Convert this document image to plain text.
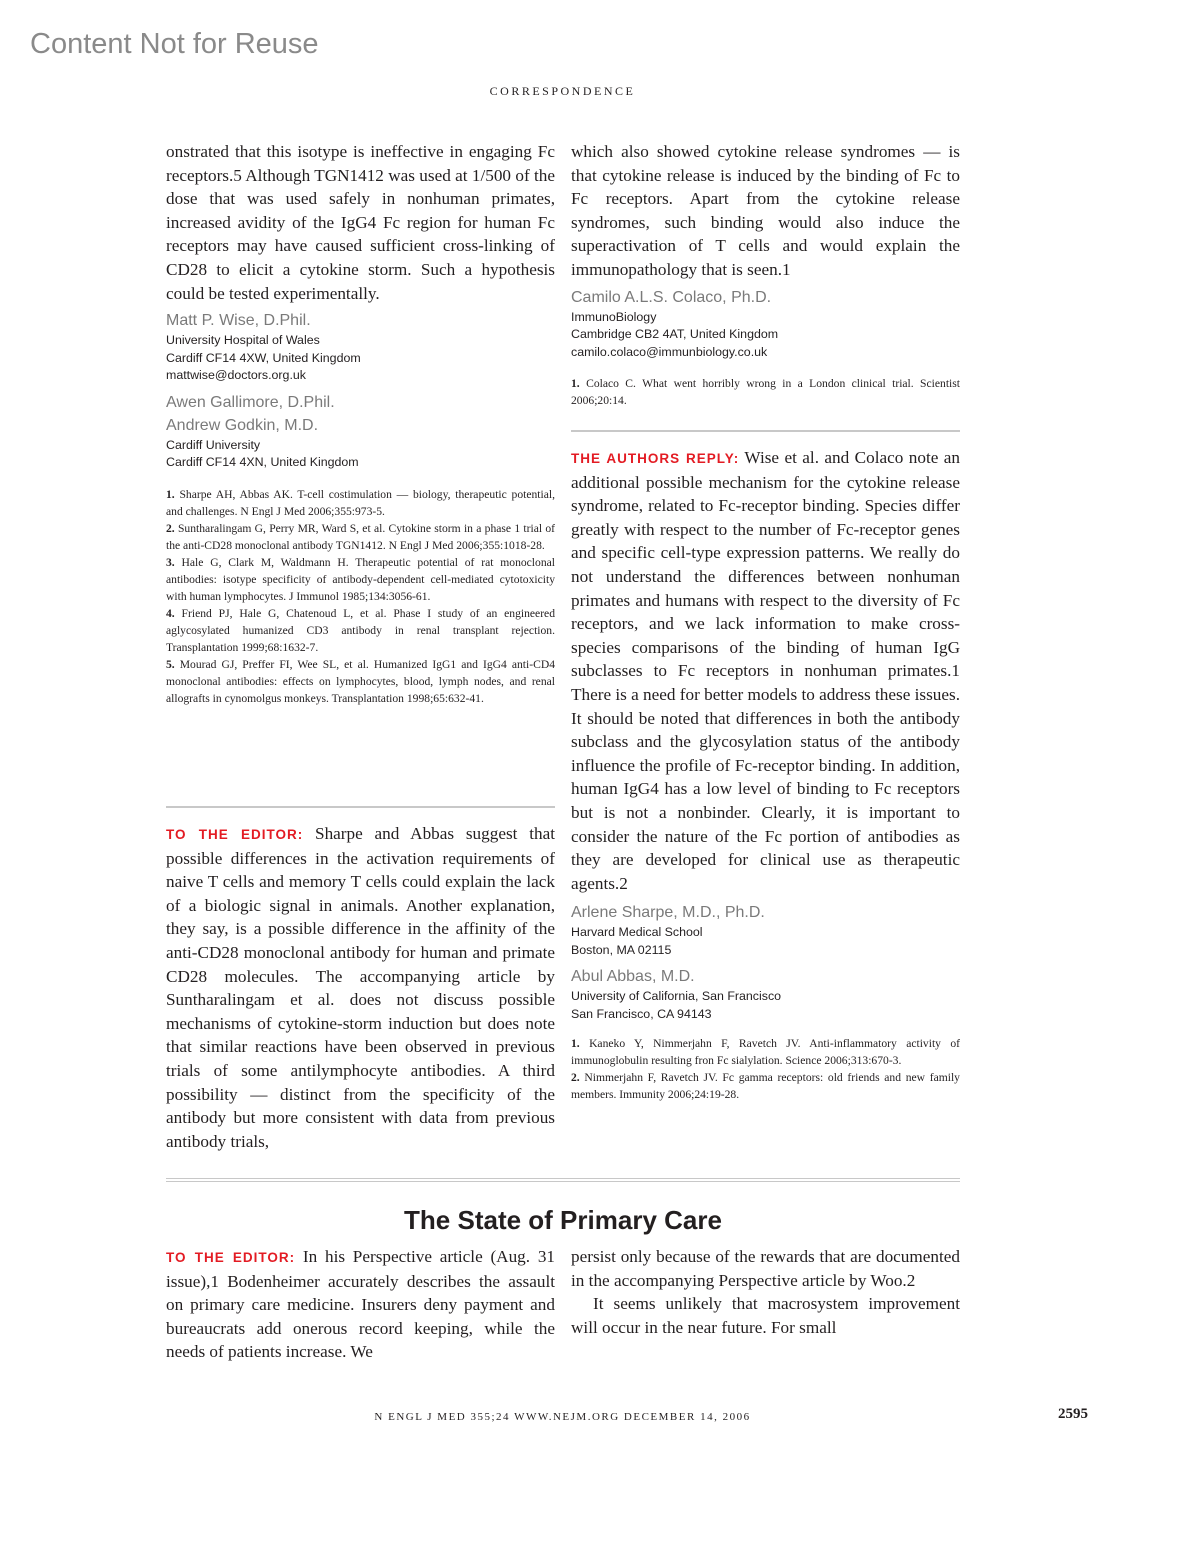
Content Not for Reuse
CORRESPONDENCE

onstrated that this isotype is ineffective in engaging Fc receptors.5 Although TGN1412 was used at 1/500 of the dose that was used safely in nonhuman primates, increased avidity of the IgG4 Fc region for human Fc receptors may have caused sufficient cross-linking of CD28 to elicit a cytokine storm. Such a hypothesis could be tested experimentally.

Matt P. Wise, D.Phil.
University Hospital of Wales
Cardiff CF14 4XW, United Kingdom
mattwise@doctors.org.uk
Awen Gallimore, D.Phil.
Andrew Godkin, M.D.
Cardiff University
Cardiff CF14 4XN, United Kingdom
1. Sharpe AH, Abbas AK. T-cell costimulation — biology, therapeutic potential, and challenges. N Engl J Med 2006;355:973-5.
2. Suntharalingam G, Perry MR, Ward S, et al. Cytokine storm in a phase 1 trial of the anti-CD28 monoclonal antibody TGN1412. N Engl J Med 2006;355:1018-28.
3. Hale G, Clark M, Waldmann H. Therapeutic potential of rat monoclonal antibodies: isotype specificity of antibody-dependent cell-mediated cytotoxicity with human lymphocytes. J Immunol 1985;134:3056-61.
4. Friend PJ, Hale G, Chatenoud L, et al. Phase I study of an engineered aglycosylated humanized CD3 antibody in renal transplant rejection. Transplantation 1999;68:1632-7.
5. Mourad GJ, Preffer FI, Wee SL, et al. Humanized IgG1 and IgG4 anti-CD4 monoclonal antibodies: effects on lymphocytes, blood, lymph nodes, and renal allografts in cynomolgus monkeys. Transplantation 1998;65:632-41.

TO THE EDITOR: Sharpe and Abbas suggest that possible differences in the activation requirements of naive T cells and memory T cells could explain the lack of a biologic signal in animals. Another explanation, they say, is a possible difference in the affinity of the anti-CD28 monoclonal antibody for human and primate CD28 molecules. The accompanying article by Suntharalingam et al. does not discuss possible mechanisms of cytokine-storm induction but does note that similar reactions have been observed in previous trials of some antilymphocyte antibodies. A third possibility — distinct from the specificity of the antibody but more consistent with data from previous antibody trials,

which also showed cytokine release syndromes — is that cytokine release is induced by the binding of Fc to Fc receptors. Apart from the cytokine release syndromes, such binding would also induce the superactivation of T cells and would explain the immunopathology that is seen.1

Camilo A.L.S. Colaco, Ph.D.
ImmunoBiology
Cambridge CB2 4AT, United Kingdom
camilo.colaco@immunbiology.co.uk
1. Colaco C. What went horribly wrong in a London clinical trial. Scientist 2006;20:14.

THE AUTHORS REPLY: Wise et al. and Colaco note an additional possible mechanism for the cytokine release syndrome, related to Fc-receptor binding. Species differ greatly with respect to the number of Fc-receptor genes and specific cell-type expression patterns. We really do not understand the differences between nonhuman primates and humans with respect to the diversity of Fc receptors, and we lack information to make cross-species comparisons of the binding of human IgG subclasses to Fc receptors in nonhuman primates.1 There is a need for better models to address these issues. It should be noted that differences in both the antibody subclass and the glycosylation status of the antibody influence the profile of Fc-receptor binding. In addition, human IgG4 has a low level of binding to Fc receptors but is not a nonbinder. Clearly, it is important to consider the nature of the Fc portion of antibodies as they are developed for clinical use as therapeutic agents.2

Arlene Sharpe, M.D., Ph.D.
Harvard Medical School
Boston, MA 02115
Abul Abbas, M.D.
University of California, San Francisco
San Francisco, CA 94143
1. Kaneko Y, Nimmerjahn F, Ravetch JV. Anti-inflammatory activity of immunoglobulin resulting fron Fc sialylation. Science 2006;313:670-3.
2. Nimmerjahn F, Ravetch JV. Fc gamma receptors: old friends and new family members. Immunity 2006;24:19-28.
The State of Primary Care

TO THE EDITOR: In his Perspective article (Aug. 31 issue),1 Bodenheimer accurately describes the assault on primary care medicine. Insurers deny payment and bureaucrats add onerous record keeping, while the needs of patients increase. We

persist only because of the rewards that are documented in the accompanying Perspective article by Woo.2

It seems unlikely that macrosystem improvement will occur in the near future. For small

N ENGL J MED 355;24 WWW.NEJM.ORG DECEMBER 14, 2006	2595
